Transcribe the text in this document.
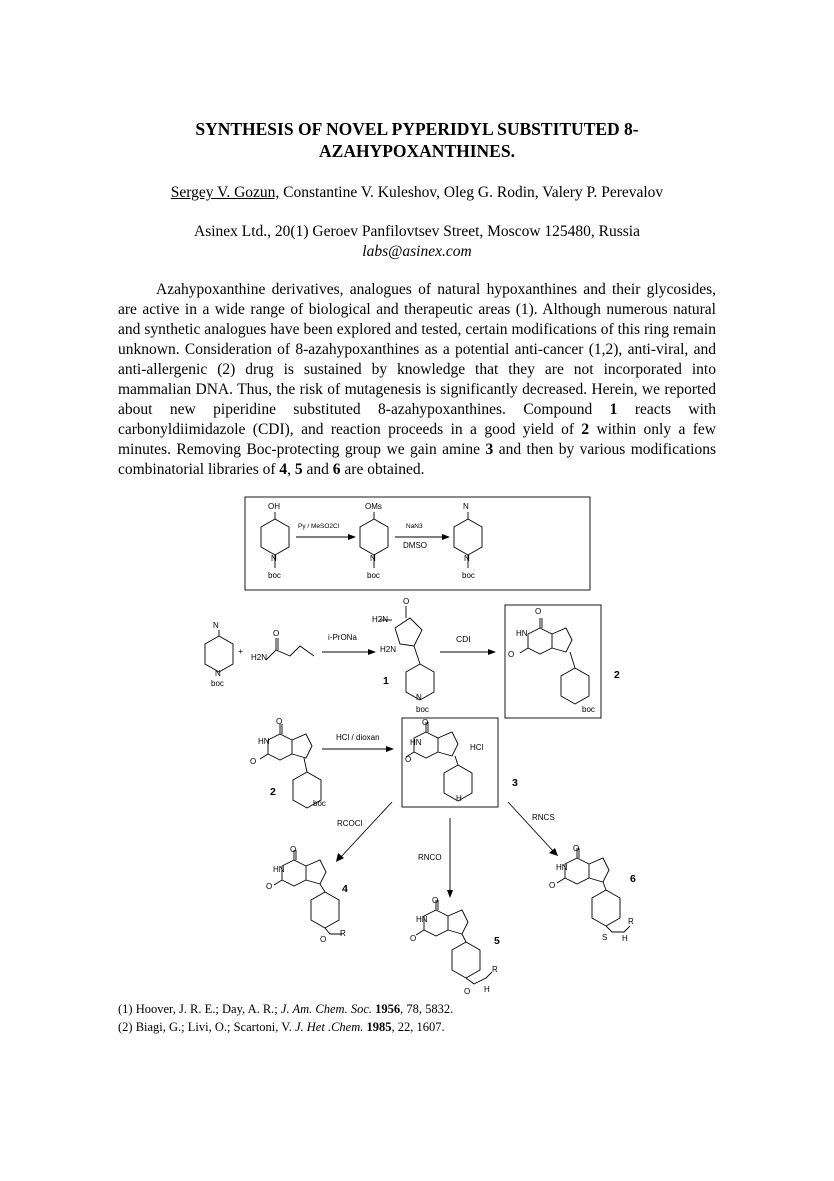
SYNTHESIS OF NOVEL PYPERIDYL SUBSTITUTED 8-
AZAHYPOXANTHINES.
Sergey V. Gozun, Constantine V. Kuleshov, Oleg G. Rodin, Valery P. Perevalov
Asinex Ltd., 20(1) Geroev Panfilovtsev Street, Moscow 125480, Russia
labs@asinex.com
Azahypoxanthine derivatives, analogues of natural hypoxanthines and their glycosides, are active in a wide range of biological and therapeutic areas (1). Although numerous natural and synthetic analogues have been explored and tested, certain modifications of this ring remain unknown. Consideration of 8-azahypoxanthines as a potential anti-cancer (1,2), anti-viral, and anti-allergenic (2) drug is sustained by knowledge that they are not incorporated into mammalian DNA. Thus, the risk of mutagenesis is significantly decreased. Herein, we reported about new piperidine substituted 8-azahypoxanthines. Compound 1 reacts with carbonyldiimidazole (CDI), and reaction proceeds in a good yield of 2 within only a few minutes. Removing Boc-protecting group we gain amine 3 and then by various modifications combinatorial libraries of 4, 5 and 6 are obtained.
OH
N
boc
Py / MeSO2Cl
OMs
N
boc
NaN3
DMSO
N
N
boc
N
N
boc
+
O
H2N
i-PrONa
O
H2N
H2N
N
boc
1
CDI
HN
O
O
boc
2
HN
O
O
boc
2
HCl / dioxan
HN
O
O
HCl
H
3
RCOCl
RNCO
RNCS
HN
O
O
O
R
4
HN
O
O
O H
R
5
HN
O
O
S H
R
6
(1) Hoover, J. R. E.; Day, A. R.; J. Am. Chem. Soc. 1956, 78, 5832.
(2) Biagi, G.; Livi, O.; Scartoni, V. J. Het .Chem. 1985, 22, 1607.
